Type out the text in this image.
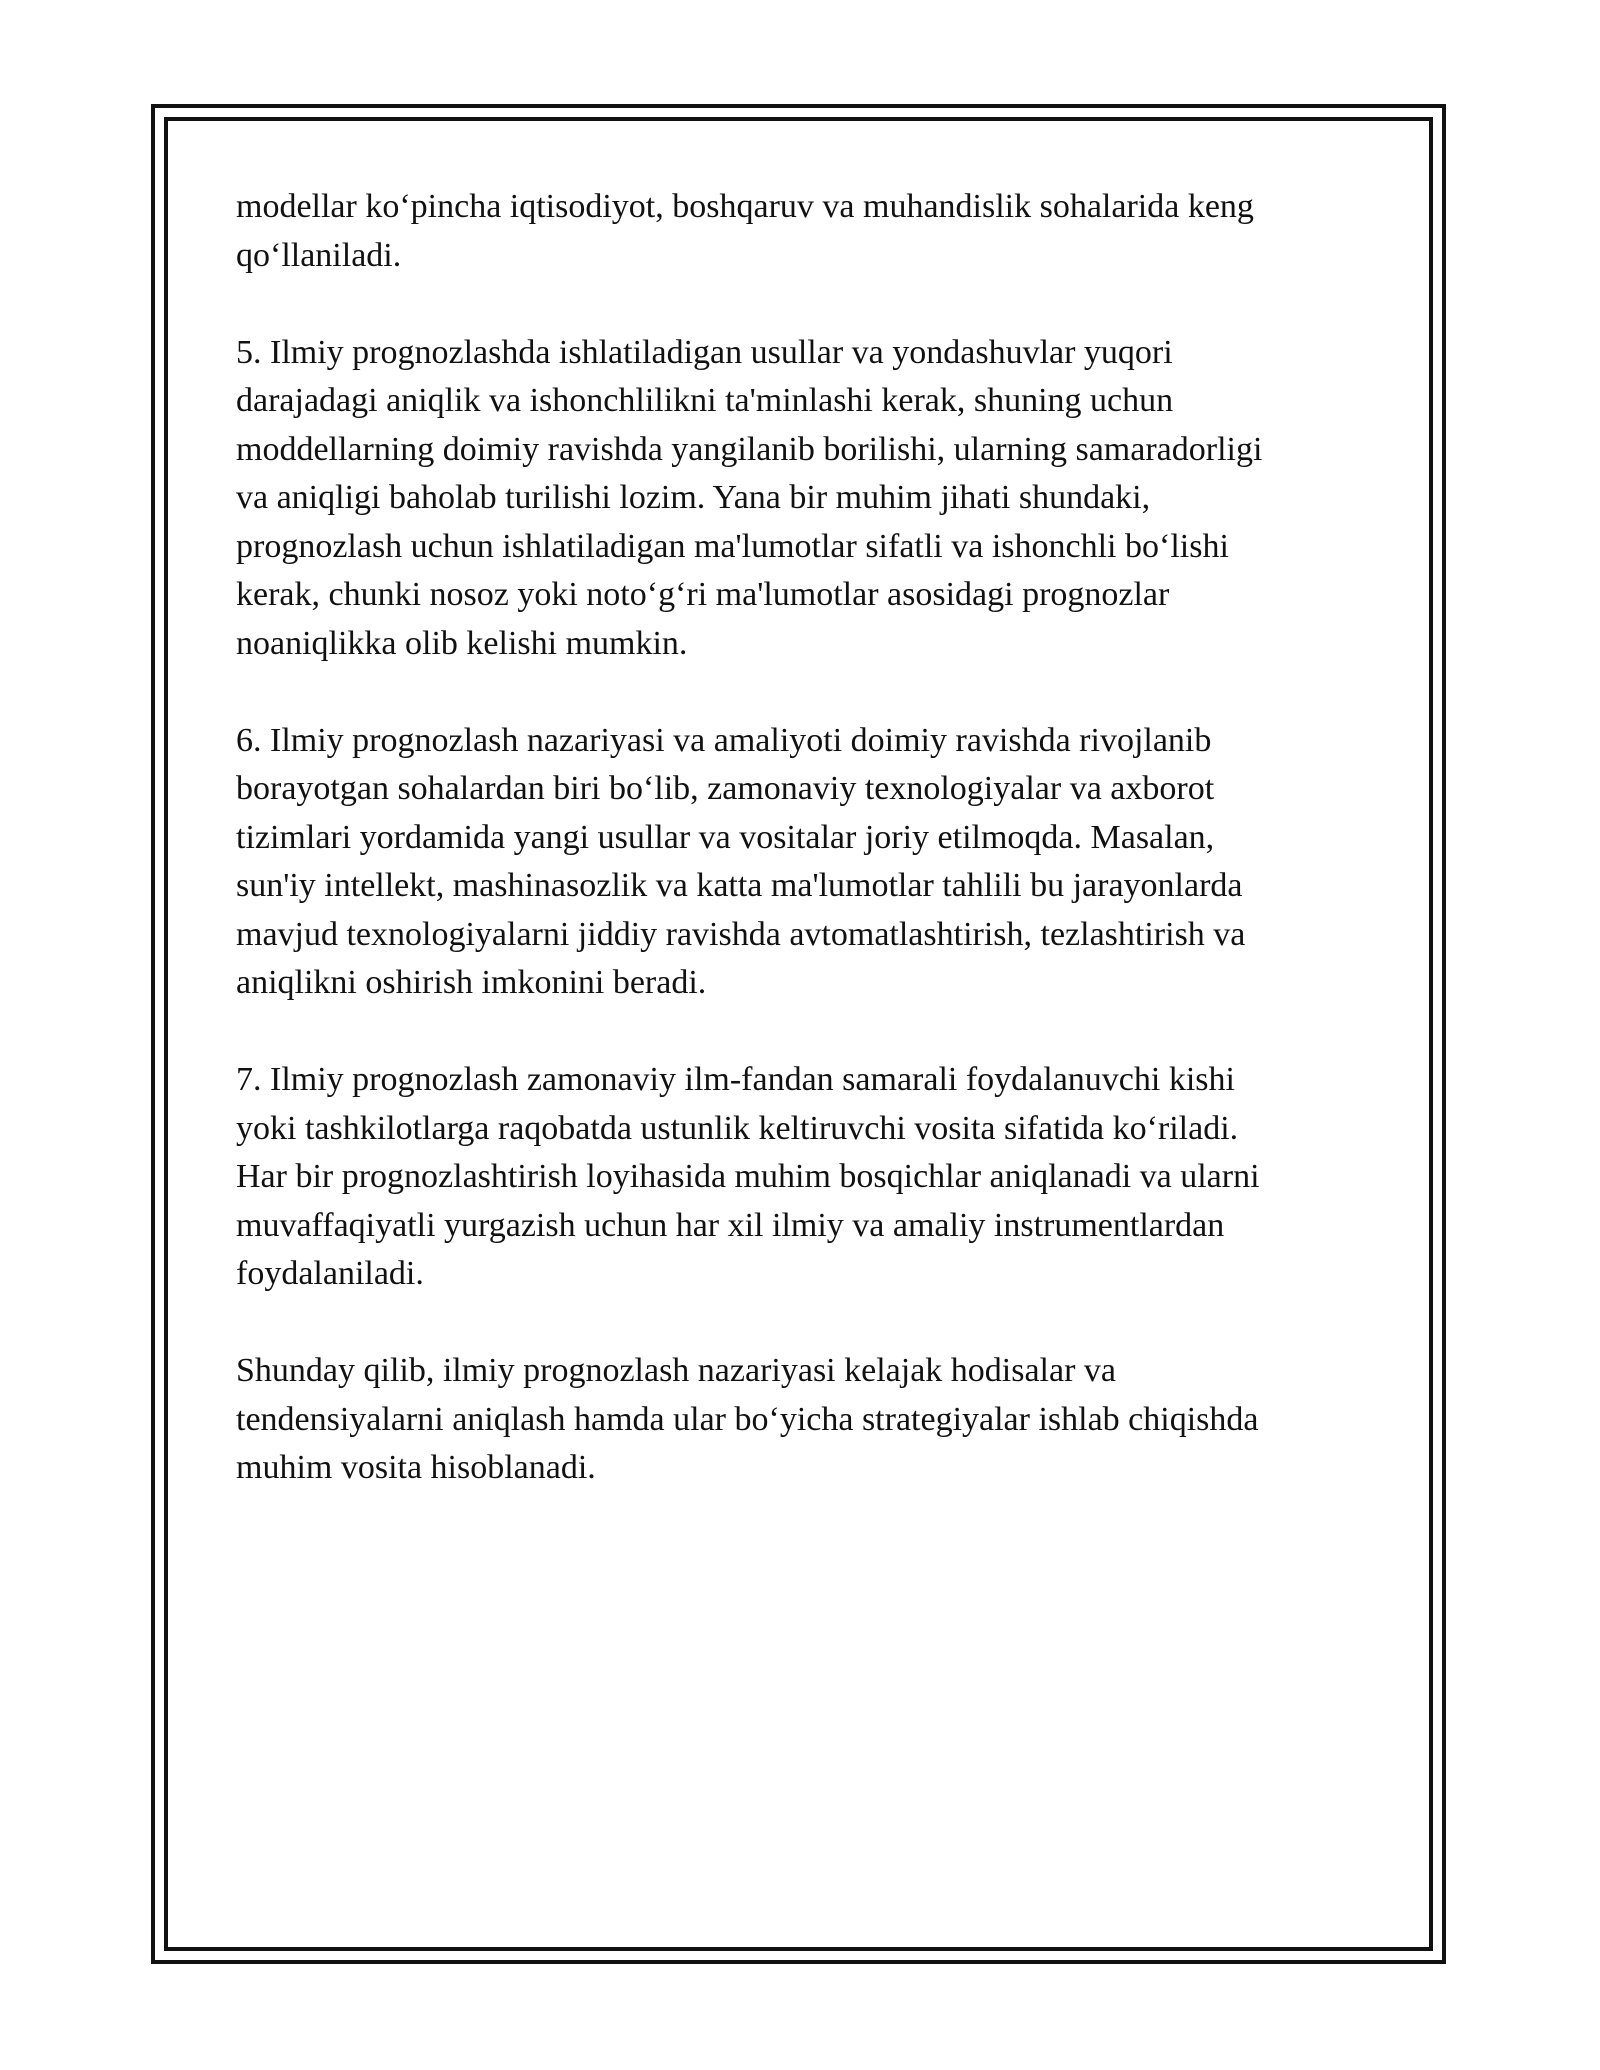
modellar ko‘pincha iqtisodiyot, boshqaruv va muhandislik sohalarida keng
qo‘llaniladi.

5. Ilmiy prognozlashda ishlatiladigan usullar va yondashuvlar yuqori
darajadagi aniqlik va ishonchlilikni ta'minlashi kerak, shuning uchun
moddellarning doimiy ravishda yangilanib borilishi, ularning samaradorligi
va aniqligi baholab turilishi lozim. Yana bir muhim jihati shundaki,
prognozlash uchun ishlatiladigan ma'lumotlar sifatli va ishonchli bo‘lishi
kerak, chunki nosoz yoki noto‘g‘ri ma'lumotlar asosidagi prognozlar
noaniqlikka olib kelishi mumkin.

6. Ilmiy prognozlash nazariyasi va amaliyoti doimiy ravishda rivojlanib
borayotgan sohalardan biri bo‘lib, zamonaviy texnologiyalar va axborot
tizimlari yordamida yangi usullar va vositalar joriy etilmoqda. Masalan,
sun'iy intellekt, mashinasozlik va katta ma'lumotlar tahlili bu jarayonlarda
mavjud texnologiyalarni jiddiy ravishda avtomatlashtirish, tezlashtirish va
aniqlikni oshirish imkonini beradi.

7. Ilmiy prognozlash zamonaviy ilm-fandan samarali foydalanuvchi kishi
yoki tashkilotlarga raqobatda ustunlik keltiruvchi vosita sifatida ko‘riladi.
Har bir prognozlashtirish loyihasida muhim bosqichlar aniqlanadi va ularni
muvaffaqiyatli yurgazish uchun har xil ilmiy va amaliy instrumentlardan
foydalaniladi.

Shunday qilib, ilmiy prognozlash nazariyasi kelajak hodisalar va
tendensiyalarni aniqlash hamda ular bo‘yicha strategiyalar ishlab chiqishda
muhim vosita hisoblanadi.
